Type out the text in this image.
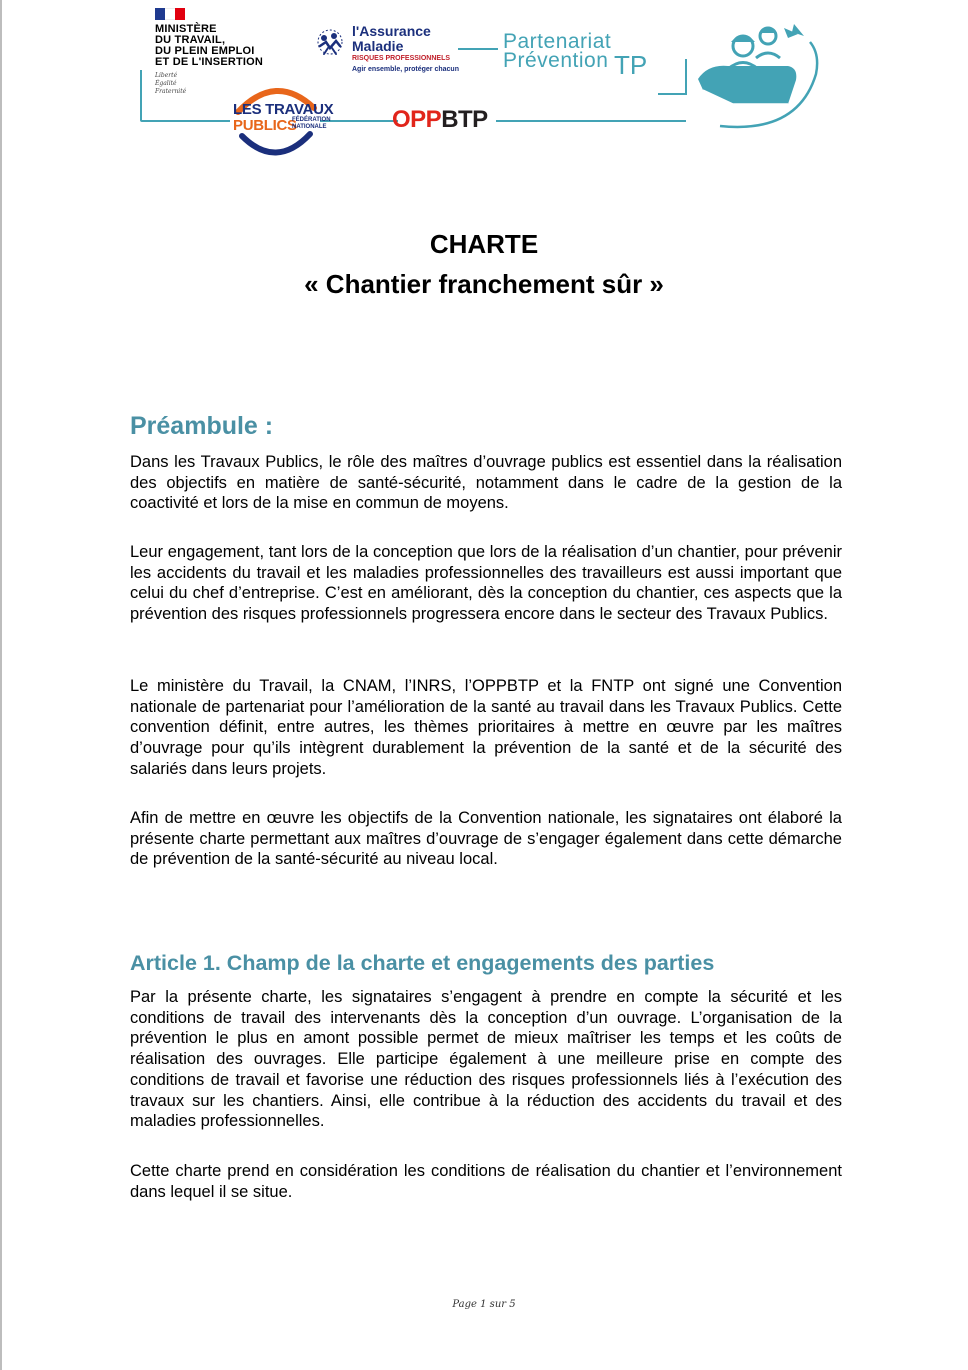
MINISTÈRE
DU TRAVAIL,
DU PLEIN EMPLOI
ET DE L'INSERTION
Liberté
Égalité
Fraternité
l'Assurance
Maladie
RISQUES PROFESSIONNELS
Agir ensemble, protéger chacun
Partenariat
Prévention TP
LES TRAVAUX
PUBLICS
FÉDÉRATION
NATIONALE	OPPBTP
CHARTE
« Chantier franchement sûr »
Préambule :

Dans les Travaux Publics, le rôle des maîtres d’ouvrage publics est essentiel dans la réalisation des objectifs en matière de santé-sécurité, notamment dans le cadre de la gestion de la coactivité et lors de la mise en commun de moyens.

Leur engagement, tant lors de la conception que lors de la réalisation d’un chantier, pour prévenir les accidents du travail et les maladies professionnelles des travailleurs est aussi important que celui du chef d’entreprise. C’est en améliorant, dès la conception du chantier, ces aspects que la prévention des risques professionnels progressera encore dans le secteur des Travaux Publics.

Le ministère du Travail, la CNAM, l’INRS, l’OPPBTP et la FNTP ont signé une Convention nationale de partenariat pour l’amélioration de la santé au travail dans les Travaux Publics. Cette convention définit, entre autres, les thèmes prioritaires à mettre en œuvre par les maîtres d’ouvrage pour qu’ils intègrent durablement la prévention de la santé et de la sécurité des salariés dans leurs projets.

Afin de mettre en œuvre les objectifs de la Convention nationale, les signataires ont élaboré la présente charte permettant aux maîtres d’ouvrage de s’engager également dans cette démarche de prévention de la santé-sécurité au niveau local.

Article 1. Champ de la charte et engagements des parties

Par la présente charte, les signataires s’engagent à prendre en compte la sécurité et les conditions de travail des intervenants dès la conception d’un ouvrage. L’organisation de la prévention le plus en amont possible permet de mieux maîtriser les temps et les coûts de réalisation des ouvrages. Elle participe également à une meilleure prise en compte des conditions de travail et favorise une réduction des risques professionnels liés à l’exécution des travaux sur les chantiers. Ainsi, elle contribue à la réduction des accidents du travail et des maladies professionnelles.

Cette charte prend en considération les conditions de réalisation du chantier et l’environnement dans lequel il se situe.

Page 1 sur 5
